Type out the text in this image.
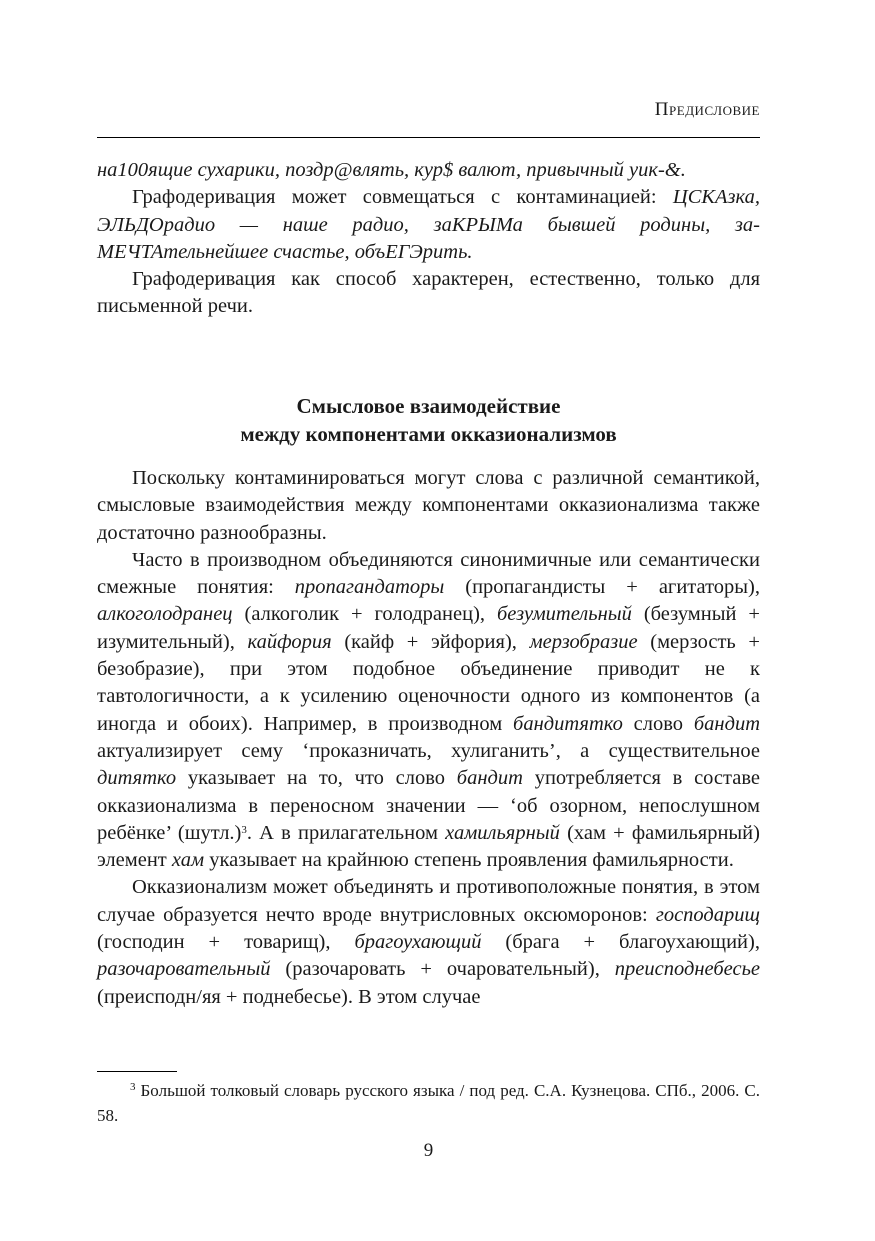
Предисловие

на100ящие сухарики, поздр@влять, кур$ валют, привычный уик-&.

Графодеривация может совмещаться с контаминацией: ЦСКАзка, ЭЛЬДОрадио — наше радио, заКРЫМа бывшей родины, заМЕЧТАтельнейшее счастье, объЕГЭрить.

Графодеривация как способ характерен, естественно, только для письменной речи.

Смысловое взаимодействие
между компонентами окказионализмов

Поскольку контаминироваться могут слова с различной семантикой, смысловые взаимодействия между компонентами окказионализма также достаточно разнообразны.

Часто в производном объединяются синонимичные или семантически смежные понятия: пропагандаторы (пропагандисты + агитаторы), алкоголодранец (алкоголик + голодранец), безумительный (безумный + изумительный), кайфория (кайф + эйфория), мерзобразие (мерзость + безобразие), при этом подобное объединение приводит не к тавтологичности, а к усилению оценочности одного из компонентов (а иногда и обоих). Например, в производном бандитятко слово бандит актуализирует сему ‘проказничать, хулиганить’, а существительное дитятко указывает на то, что слово бандит употребляется в составе окказионализма в переносном значении — ‘об озорном, непослушном ребёнке’ (шутл.)$^3$. А в прилагательном хамильярный (хам + фамильярный) элемент хам указывает на крайнюю степень проявления фамильярности.

Окказионализм может объединять и противоположные понятия, в этом случае образуется нечто вроде внутрисловных оксюморонов: господарищ (господин + товарищ), брагоухающий (брага + благоухающий), разочаровательный (разочаровать + очаровательный), преисподнебесье (преисподн/яя + поднебесье). В этом случае

$^3$ Большой толковый словарь русского языка / под ред. С.А. Кузнецова. СПб., 2006. С. 58.

9
